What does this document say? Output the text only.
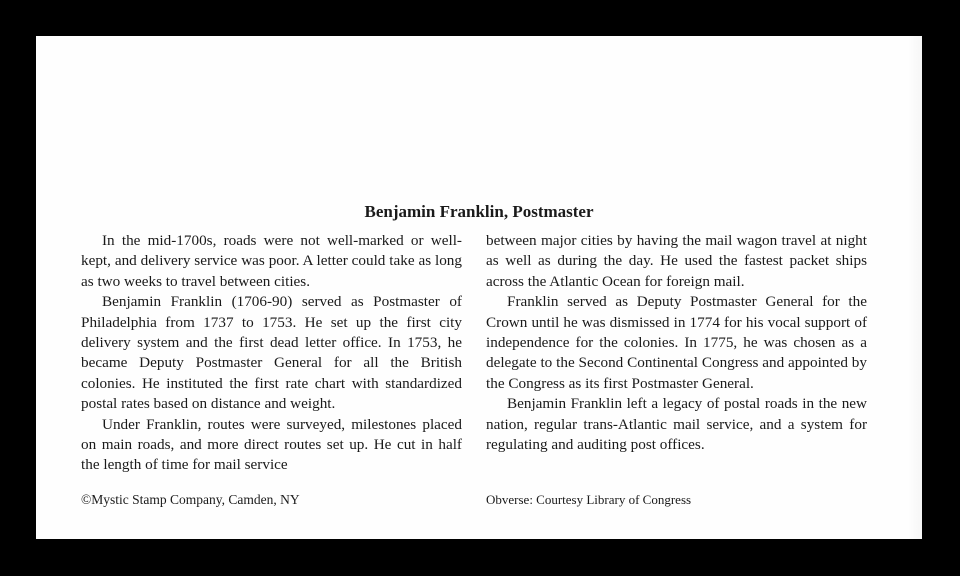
Benjamin Franklin, Postmaster

In the mid-1700s, roads were not well-marked or well-kept, and delivery service was poor. A letter could take as long as two weeks to travel between cities.

Benjamin Franklin (1706-90) served as Postmaster of Philadelphia from 1737 to 1753. He set up the first city delivery system and the first dead letter office. In 1753, he became Deputy Postmaster General for all the British colonies. He instituted the first rate chart with standardized postal rates based on distance and weight.

Under Franklin, routes were surveyed, milestones placed on main roads, and more direct routes set up. He cut in half the length of time for mail service

between major cities by having the mail wagon travel at night as well as during the day. He used the fastest packet ships across the Atlantic Ocean for foreign mail.

Franklin served as Deputy Postmaster General for the Crown until he was dismissed in 1774 for his vocal support of independence for the colonies. In 1775, he was chosen as a delegate to the Second Continental Congress and appointed by the Congress as its first Postmaster General.

Benjamin Franklin left a legacy of postal roads in the new nation, regular trans-Atlantic mail service, and a system for regulating and auditing post offices.

©Mystic Stamp Company, Camden, NY	Obverse: Courtesy Library of Congress
